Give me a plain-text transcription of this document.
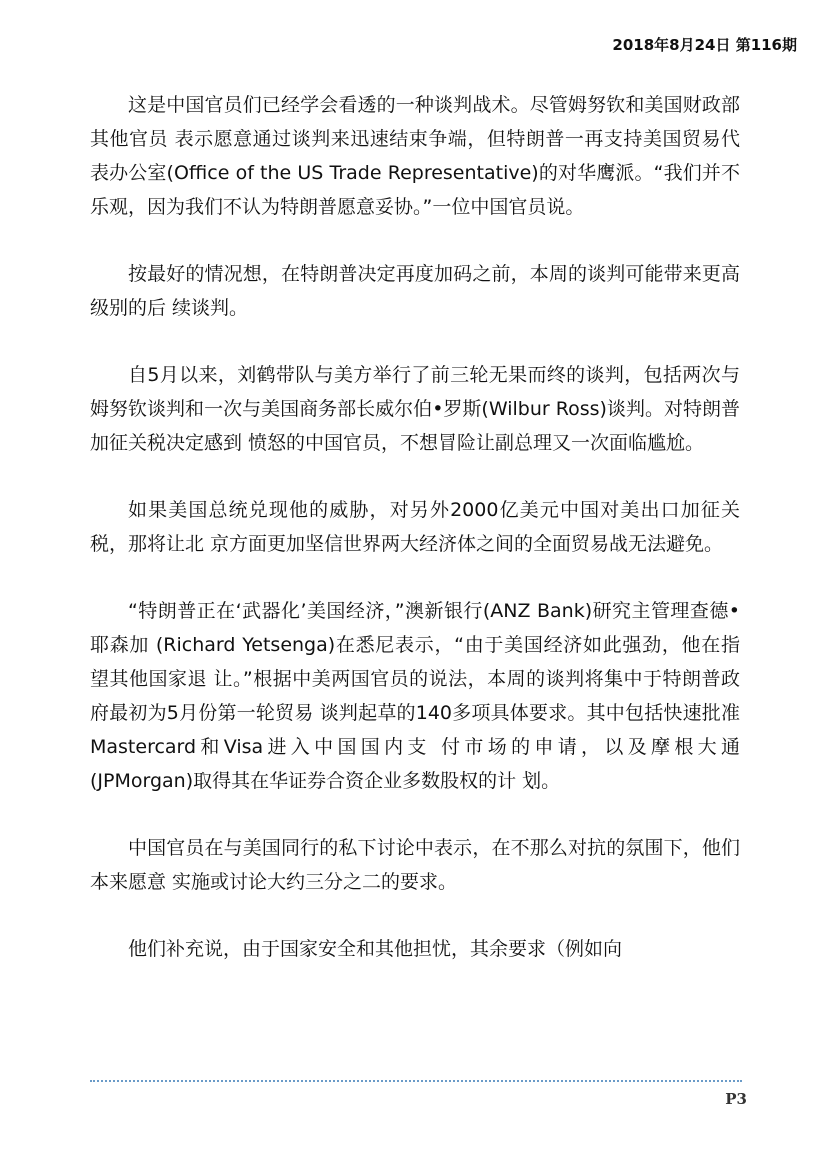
2018年8月24日 第116期

这是中国官员们已经学会看透的一种谈判战术。尽管姆努钦和美国财政部其他官员 表示愿意通过谈判来迅速结束争端，但特朗普一再支持美国贸易代表办公室(Office of the US Trade Representative)的对华鹰派。“我们并不乐观，因为我们不认为特朗普愿意妥协。”一位中国官员说。

按最好的情况想，在特朗普决定再度加码之前，本周的谈判可能带来更高级别的后 续谈判。

自5月以来，刘鹤带队与美方举行了前三轮无果而终的谈判，包括两次与姆努钦谈判和一次与美国商务部长威尔伯•罗斯(Wilbur Ross)谈判。对特朗普加征关税决定感到 愤怒的中国官员，不想冒险让副总理又一次面临尴尬。

如果美国总统兑现他的威胁，对另外2000亿美元中国对美出口加征关税，那将让北 京方面更加坚信世界两大经济体之间的全面贸易战无法避免。

“特朗普正在‘武器化’美国经济，”澳新银行(ANZ Bank)研究主管理查德•耶森加 (Richard Yetsenga)在悉尼表示，“由于美国经济如此强劲，他在指望其他国家退 让。”根据中美两国官员的说法，本周的谈判将集中于特朗普政府最初为5月份第一轮贸易 谈判起草的140多项具体要求。其中包括快速批准Mastercard和Visa进入中国国内支 付市场的申请，以及摩根大通(JPMorgan)取得其在华证券合资企业多数股权的计 划。

中国官员在与美国同行的私下讨论中表示，在不那么对抗的氛围下，他们本来愿意 实施或讨论大约三分之二的要求。

他们补充说，由于国家安全和其他担忧，其余要求（例如向

P3
